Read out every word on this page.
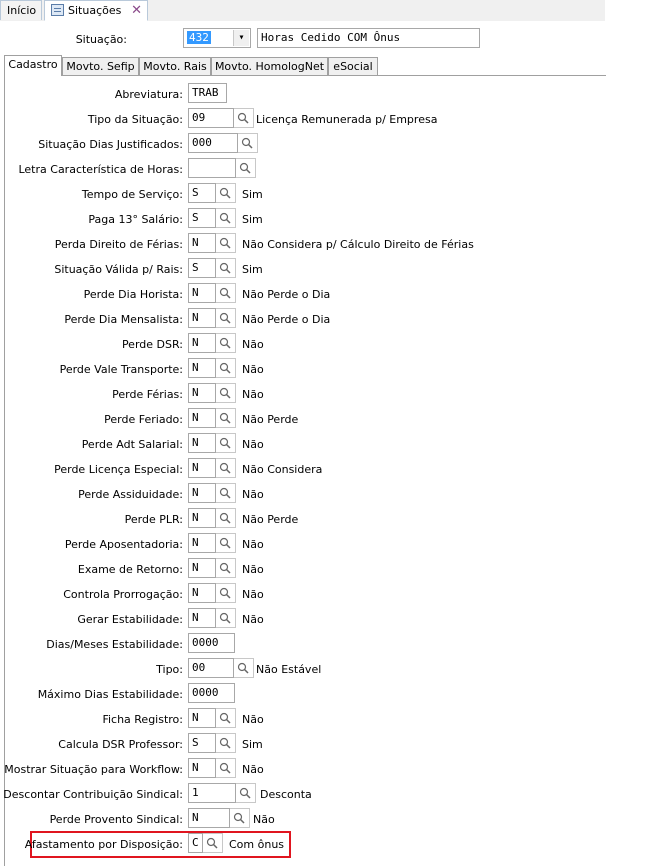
Início	Situações ✕
Situação:	432	▾	Horas Cedido COM Ônus
Cadastro Movto. Sefip Movto. Rais Movto. HomologNet eSocial
Abreviatura: TRAB
Tipo da Situação: 09	Licença Remunerada p/ Empresa
Situação Dias Justificados: 000
Letra Característica de Horas:
Tempo de Serviço: S	Sim
Paga 13° Salário: S	Sim
Perda Direito de Férias: N	Não Considera p/ Cálculo Direito de Férias
Situação Válida p/ Rais: S	Sim
Perde Dia Horista: N	Não Perde o Dia
Perde Dia Mensalista: N	Não Perde o Dia
Perde DSR: N	Não
Perde Vale Transporte: N	Não
Perde Férias: N	Não
Perde Feriado: N	Não Perde
Perde Adt Salarial: N	Não
Perde Licença Especial: N	Não Considera
Perde Assiduidade: N	Não
Perde PLR: N	Não Perde
Perde Aposentadoria: N	Não
Exame de Retorno: N	Não
Controla Prorrogação: N	Não
Gerar Estabilidade: N	Não
Dias/Meses Estabilidade: 0000
Tipo: 00	Não Estável
Máximo Dias Estabilidade: 0000
Ficha Registro: N	Não
Calcula DSR Professor: S	Sim
Mostrar Situação para Workflow: N	Não
Descontar Contribuição Sindical: 1	Desconta
Perde Provento Sindical: N	Não
Afastamento por Disposição: C	Com ônus
